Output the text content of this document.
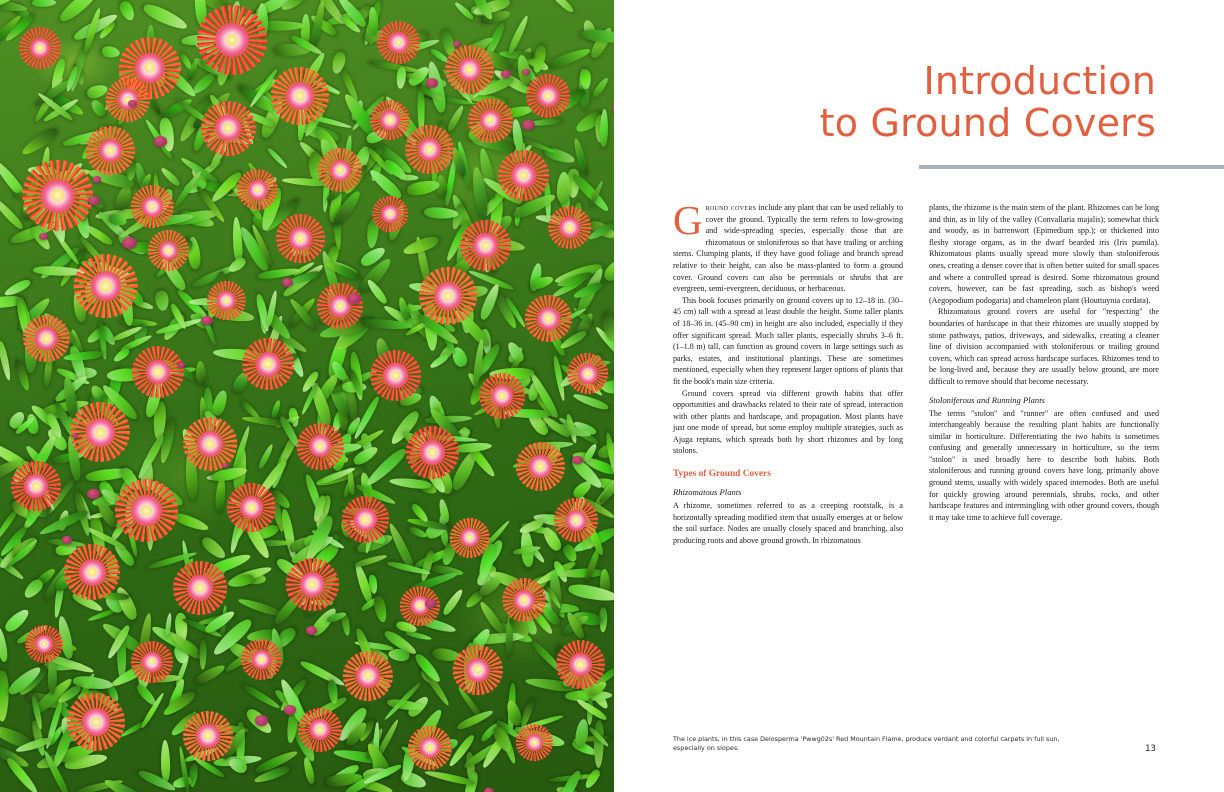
Introduction
to Ground Covers

Ground covers include any plant that can be used reliably to cover the ground. Typically the term refers to low-growing and wide-spreading species, especially those that are rhizomatous or stoloniferous so that have trailing or arching stems. Clumping plants, if they have good foliage and branch spread relative to their height, can also be mass-planted to form a ground cover. Ground covers can also be perennials or shrubs that are evergreen, semi-evergreen, deciduous, or herbaceous.

This book focuses primarily on ground covers up to 12–18 in. (30–45 cm) tall with a spread at least double the height. Some taller plants of 18–36 in. (45–90 cm) in height are also included, especially if they offer significant spread. Much taller plants, especially shrubs 3–6 ft. (1–1.8 m) tall, can function as ground covers in large settings such as parks, estates, and institutional plantings. These are sometimes mentioned, especially when they represent larger options of plants that fit the book's main size criteria.

Ground covers spread via different growth habits that offer opportunities and drawbacks related to their rate of spread, interaction with other plants and hardscape, and propagation. Most plants have just one mode of spread, but some employ multiple strategies, such as Ajuga reptans, which spreads both by short rhizomes and by long stolons.

Types of Ground Covers
Rhizomatous Plants

A rhizome, sometimes referred to as a creeping rootstalk, is a horizontally spreading modified stem that usually emerges at or below the soil surface. Nodes are usually closely spaced and branching, also producing roots and above ground growth. In rhizomatous

plants, the rhizome is the main stem of the plant. Rhizomes can be long and thin, as in lily of the valley (Convallaria majalis); somewhat thick and woody, as in barrenwort (Epimedium spp.); or thickened into fleshy storage organs, as in the dwarf bearded iris (Iris pumila). Rhizomatous plants usually spread more slowly than stoloniferous ones, creating a denser cover that is often better suited for small spaces and where a controlled spread is desired. Some rhizomatous ground covers, however, can be fast spreading, such as bishop's weed (Aegopodium podogaria) and chameleon plant (Houttuynia cordata).

Rhizomatous ground covers are useful for "respecting" the boundaries of hardscape in that their rhizomes are usually stopped by stone pathways, patios, driveways, and sidewalks, creating a cleaner line of division accompanied with stoloniferous or trailing ground covers, which can spread across hardscape surfaces. Rhizomes tend to be long-lived and, because they are usually below ground, are more difficult to remove should that become necessary.

Stoloniferous and Running Plants

The terms "stolon" and "runner" are often confused and used interchangeably because the resulting plant habits are functionally similar in horticulture. Differentiating the two habits is sometimes confusing and generally unnecessary in horticulture, so the term "stolon" is used broadly here to describe both habits. Both stoloniferous and running ground covers have long, primarily above ground stems, usually with widely spaced internodes. Both are useful for quickly growing around perennials, shrubs, rocks, and other hardscape features and intermingling with other ground covers, though it may take time to achieve full coverage.

The ice plants, in this case Delosperma 'Pwwg02s' Red Mountain Flame, produce verdant and colorful carpets in full sun, especially on slopes.	13
